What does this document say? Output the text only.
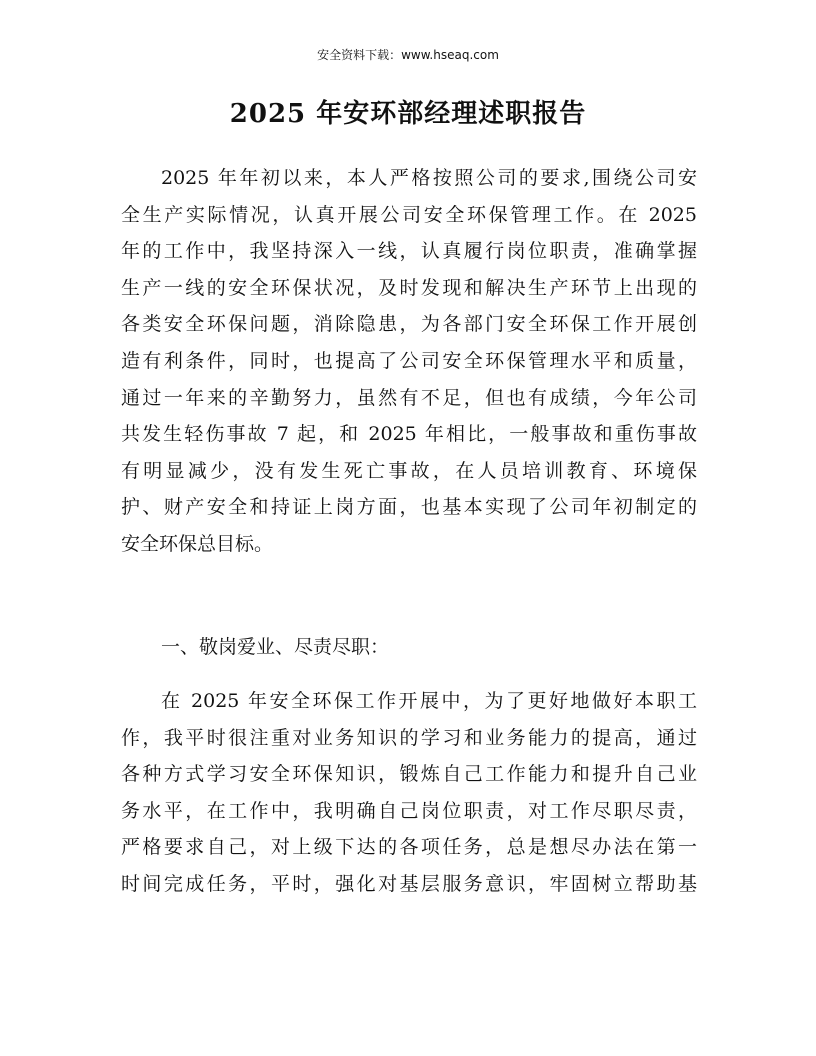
安全资料下载：www.hseaq.com
2025 年安环部经理述职报告
2025 年年初以来，本人严格按照公司的要求,围绕公司安
全生产实际情况，认真开展公司安全环保管理工作。在 2025
年的工作中，我坚持深入一线，认真履行岗位职责，准确掌握
生产一线的安全环保状况，及时发现和解决生产环节上出现的
各类安全环保问题，消除隐患，为各部门安全环保工作开展创
造有利条件，同时，也提高了公司安全环保管理水平和质量，
通过一年来的辛勤努力，虽然有不足，但也有成绩，今年公司
共发生轻伤事故 7 起，和 2025 年相比，一般事故和重伤事故
有明显减少，没有发生死亡事故，在人员培训教育、环境保
护、财产安全和持证上岗方面，也基本实现了公司年初制定的
安全环保总目标。
一、敬岗爱业、尽责尽职：
在 2025 年安全环保工作开展中，为了更好地做好本职工
作，我平时很注重对业务知识的学习和业务能力的提高，通过
各种方式学习安全环保知识，锻炼自己工作能力和提升自己业
务水平，在工作中，我明确自己岗位职责，对工作尽职尽责，
严格要求自己，对上级下达的各项任务，总是想尽办法在第一
时间完成任务，平时，强化对基层服务意识，牢固树立帮助基
